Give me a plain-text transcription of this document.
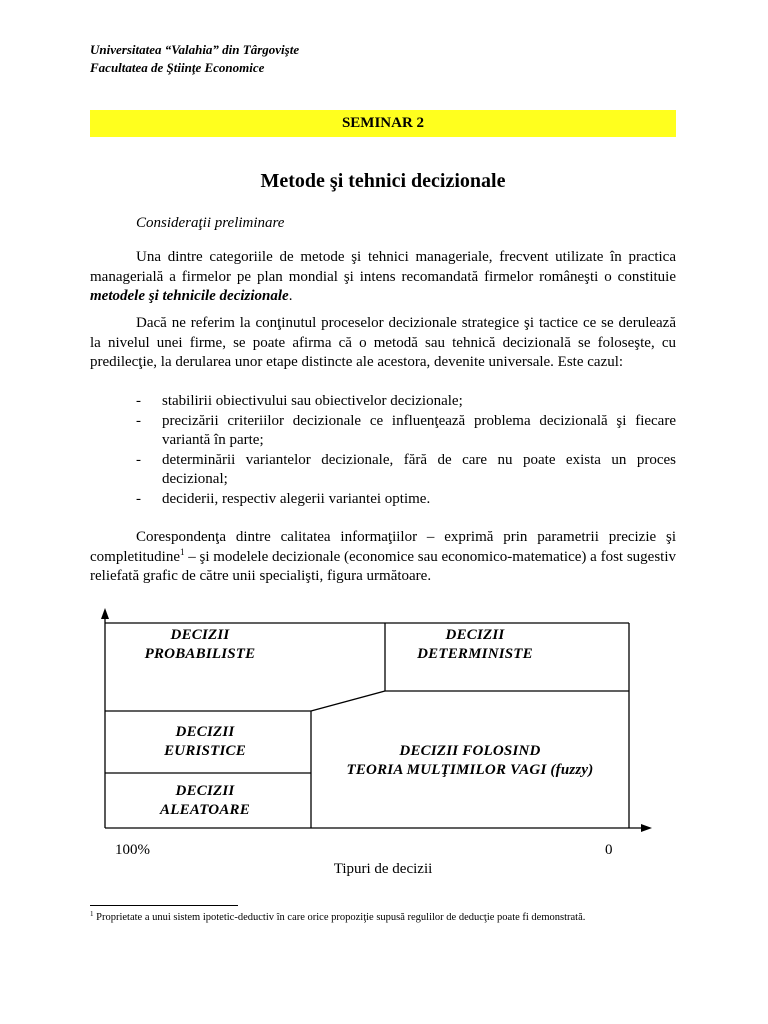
Universitatea “Valahia” din Târgovişte
Facultatea de Ştiinţe Economice
SEMINAR 2
Metode şi tehnici decizionale
Consideraţii preliminare

Una dintre categoriile de metode şi tehnici manageriale, frecvent utilizate în practica managerială a firmelor pe plan mondial şi intens recomandată firmelor româneşti o constituie metodele şi tehnicile decizionale.

Dacă ne referim la conţinutul proceselor decizionale strategice şi tactice ce se derulează la nivelul unei firme, se poate afirma că o metodă sau tehnică decizională se foloseşte, cu predilecţie, la derularea unor etape distincte ale acestora, devenite universale. Este cazul:

- stabilirii obiectivului sau obiectivelor decizionale;
- precizării criteriilor decizionale ce influenţează problema decizională şi fiecare variantă în parte;
- determinării variantelor decizionale, fără de care nu poate exista un proces decizional;
- deciderii, respectiv alegerii variantei optime.

Corespondenţa dintre calitatea informaţiilor – exprimă prin parametrii precizie şi completitudine$^1$ – şi modelele decizionale (economice sau economico-matematice) a fost sugestiv reliefată grafic de către unii specialişti, figura următoare.

DECIZII
PROBABILISTE
DECIZII
DETERMINISTE
DECIZII
EURISTICE
DECIZII
ALEATOARE
DECIZII FOLOSIND
TEORIA MULŢIMILOR VAGI (fuzzy)
100%	0
Tipuri de decizii
$^1$ Proprietate a unui sistem ipotetic-deductiv în care orice propoziţie supusă regulilor de deducţie poate fi demonstrată.
